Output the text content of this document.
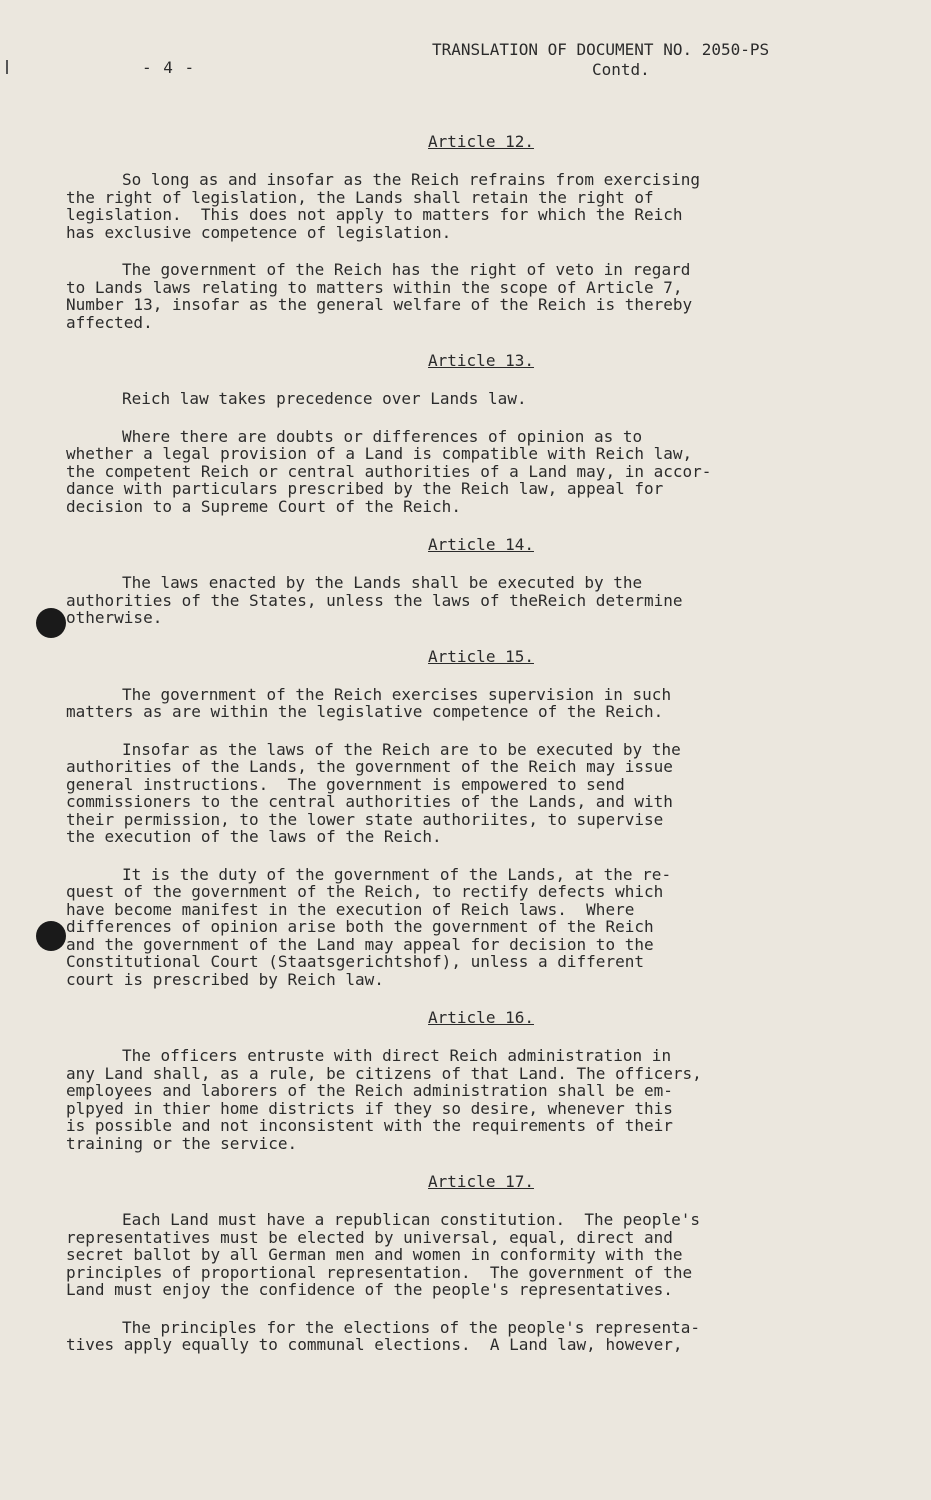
- 4 -
TRANSLATION OF DOCUMENT NO. 2050-PS
Contd.
Article 12.
So long as and insofar as the Reich refrains from exercising
the right of legislation, the Lands shall retain the right of
legislation.  This does not apply to matters for which the Reich
has exclusive competence of legislation.
The government of the Reich has the right of veto in regard
to Lands laws relating to matters within the scope of Article 7,
Number 13, insofar as the general welfare of the Reich is thereby
affected.
Article 13.
Reich law takes precedence over Lands law.
Where there are doubts or differences of opinion as to
whether a legal provision of a Land is compatible with Reich law,
the competent Reich or central authorities of a Land may, in accor-
dance with particulars prescribed by the Reich law, appeal for
decision to a Supreme Court of the Reich.
Article 14.
The laws enacted by the Lands shall be executed by the
authorities of the States, unless the laws of theReich determine
otherwise.
Article 15.
The government of the Reich exercises supervision in such
matters as are within the legislative competence of the Reich.
Insofar as the laws of the Reich are to be executed by the
authorities of the Lands, the government of the Reich may issue
general instructions.  The government is empowered to send
commissioners to the central authorities of the Lands, and with
their permission, to the lower state authoriites, to supervise
the execution of the laws of the Reich.
It is the duty of the government of the Lands, at the re-
quest of the government of the Reich, to rectify defects which
have become manifest in the execution of Reich laws.  Where
differences of opinion arise both the government of the Reich
and the government of the Land may appeal for decision to the
Constitutional Court (Staatsgerichtshof), unless a different
court is prescribed by Reich law.
Article 16.
The officers entruste with direct Reich administration in
any Land shall, as a rule, be citizens of that Land. The officers,
employees and laborers of the Reich administration shall be em-
plpyed in thier home districts if they so desire, whenever this
is possible and not inconsistent with the requirements of their
training or the service.
Article 17.
Each Land must have a republican constitution.  The people's
representatives must be elected by universal, equal, direct and
secret ballot by all German men and women in conformity with the
principles of proportional representation.  The government of the
Land must enjoy the confidence of the people's representatives.
The principles for the elections of the people's representa-
tives apply equally to communal elections.  A Land law, however,
